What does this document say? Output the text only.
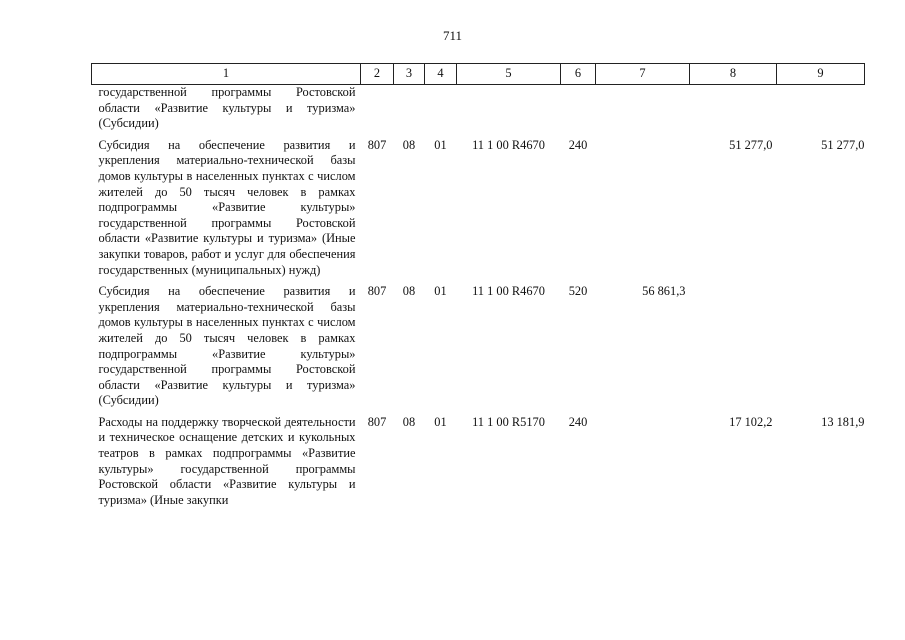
711
1	2	3	4	5	6	7	8	9
государственной программы Ростовской области «Развитие культуры и туризма» (Субсидии)								
Субсидия на обеспечение развития и укрепления материально-технической базы домов культуры в населенных пунктах с числом жителей до 50 тысяч человек в рамках подпрограммы «Развитие культуры» государственной программы Ростовской области «Развитие культуры и туризма» (Иные закупки товаров, работ и услуг для обеспечения государственных (муниципальных) нужд)	807	08	01	11 1 00 R4670	240		51 277,0	51 277,0
Субсидия на обеспечение развития и укрепления материально-технической базы домов культуры в населенных пунктах с числом жителей до 50 тысяч человек в рамках подпрограммы «Развитие культуры» государственной программы Ростовской области «Развитие культуры и туризма» (Субсидии)	807	08	01	11 1 00 R4670	520	56 861,3		
Расходы на поддержку творческой деятельности и техническое оснащение детских и кукольных театров в рамках подпрограммы «Развитие культуры» государственной программы Ростовской области «Развитие культуры и туризма» (Иные закупки	807	08	01	11 1 00 R5170	240		17 102,2	13 181,9
